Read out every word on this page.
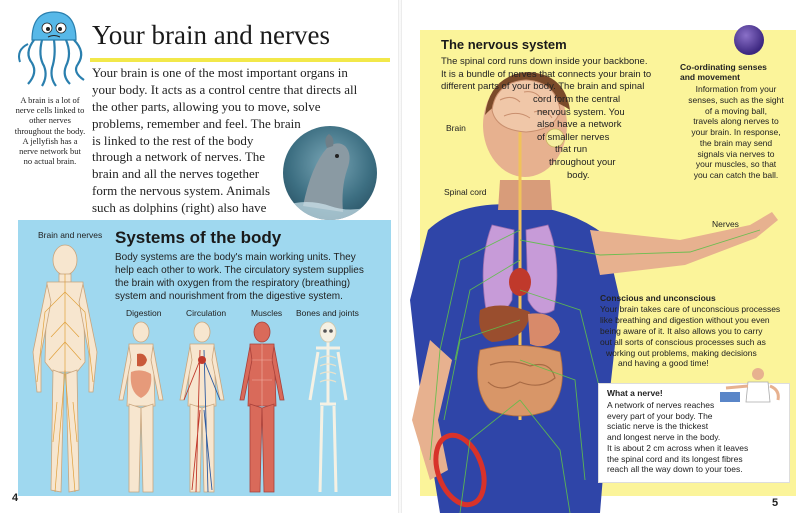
Your brain and nerves
A brain is a lot of nerve cells linked to other nerves throughout the body. A jellyfish has a nerve network but no actual brain.
Your brain is one of the most important organs in
your body. It acts as a control centre that directs all
the other parts, allowing you to move, solve
problems, remember and feel. The brain
is linked to the rest of the body
through a network of nerves. The
brain and all the nerves together
form the nervous system. Animals
such as dolphins (right) also have
Systems of the body
Body systems are the body's main working units. They
help each other to work. The circulatory system supplies
the brain with oxygen from the respiratory (breathing)
system and nourishment from the digestive system.
Brain and nerves
Digestion	Circulation	Muscles Bones and joints
4
The nervous system
The spinal cord runs down inside your backbone.
It is a bundle of nerves that connects your brain to
different parts of your body. The brain and spinal
cord form the central
nervous system. You
also have a network
of smaller nerves
that run
throughout your
body.
Brain
Spinal cord
Nerves
Co-ordinating senses
and movement
Information from your
senses, such as the sight
of a moving ball,
travels along nerves to
your brain. In response,
the brain may send
signals via nerves to
your muscles, so that
you can catch the ball.
Conscious and unconscious
Your brain takes care of unconscious processes
like breathing and digestion without you even
being aware of it. It also allows you to carry
out all sorts of conscious processes such as
working out problems, making decisions
and having a good time!
What a nerve!
A network of nerves reaches
every part of your body. The
sciatic nerve is the thickest
and longest nerve in the body.
It is about 2 cm across when it leaves
the spinal cord and its longest fibres
reach all the way down to your toes.
5
